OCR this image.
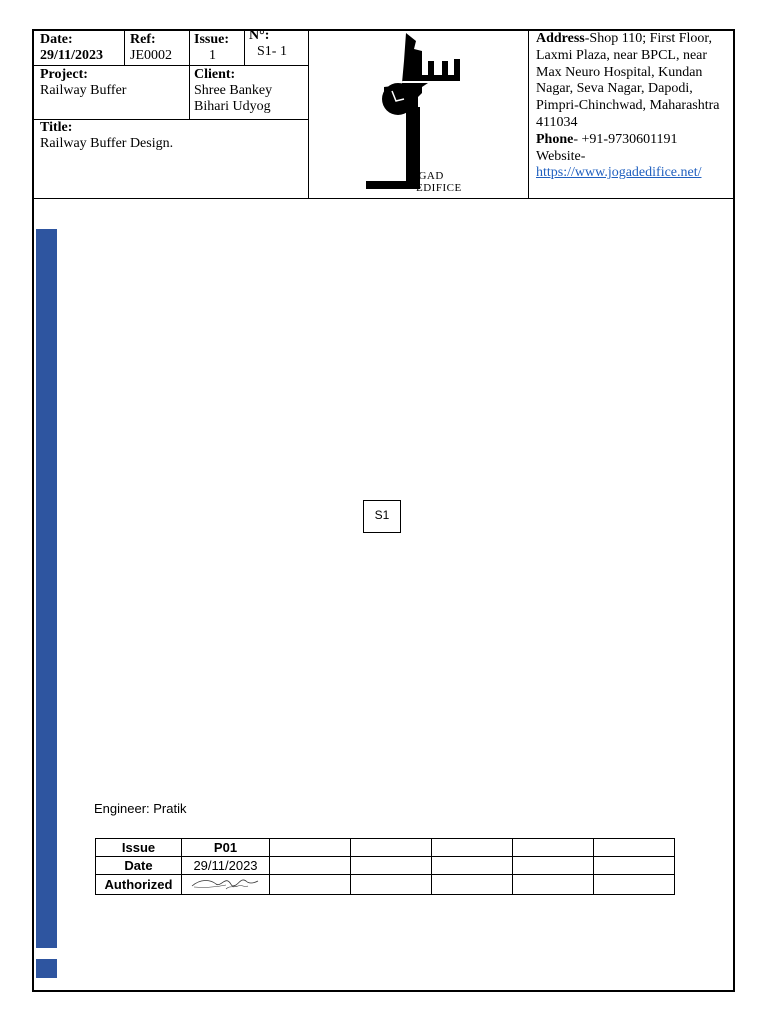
Date:
29/11/2023
Ref:
JE0002
Issue:
1
N°:
S1- 1
Project:
Railway Buffer
Client:
Shree Bankey Bihari Udyog
Title:
Railway Buffer Design.
OGAD
EDIFICE
Address-Shop 110; First Floor, Laxmi Plaza, near BPCL, near Max Neuro Hospital, Kundan Nagar, Seva Nagar, Dapodi, Pimpri-Chinchwad, Maharashtra 411034
Phone- +91-9730601191
Website-
https://www.jogadedifice.net/
S1
Engineer: Pratik
Issue	P01					
Date	29/11/2023					
Authorized						
